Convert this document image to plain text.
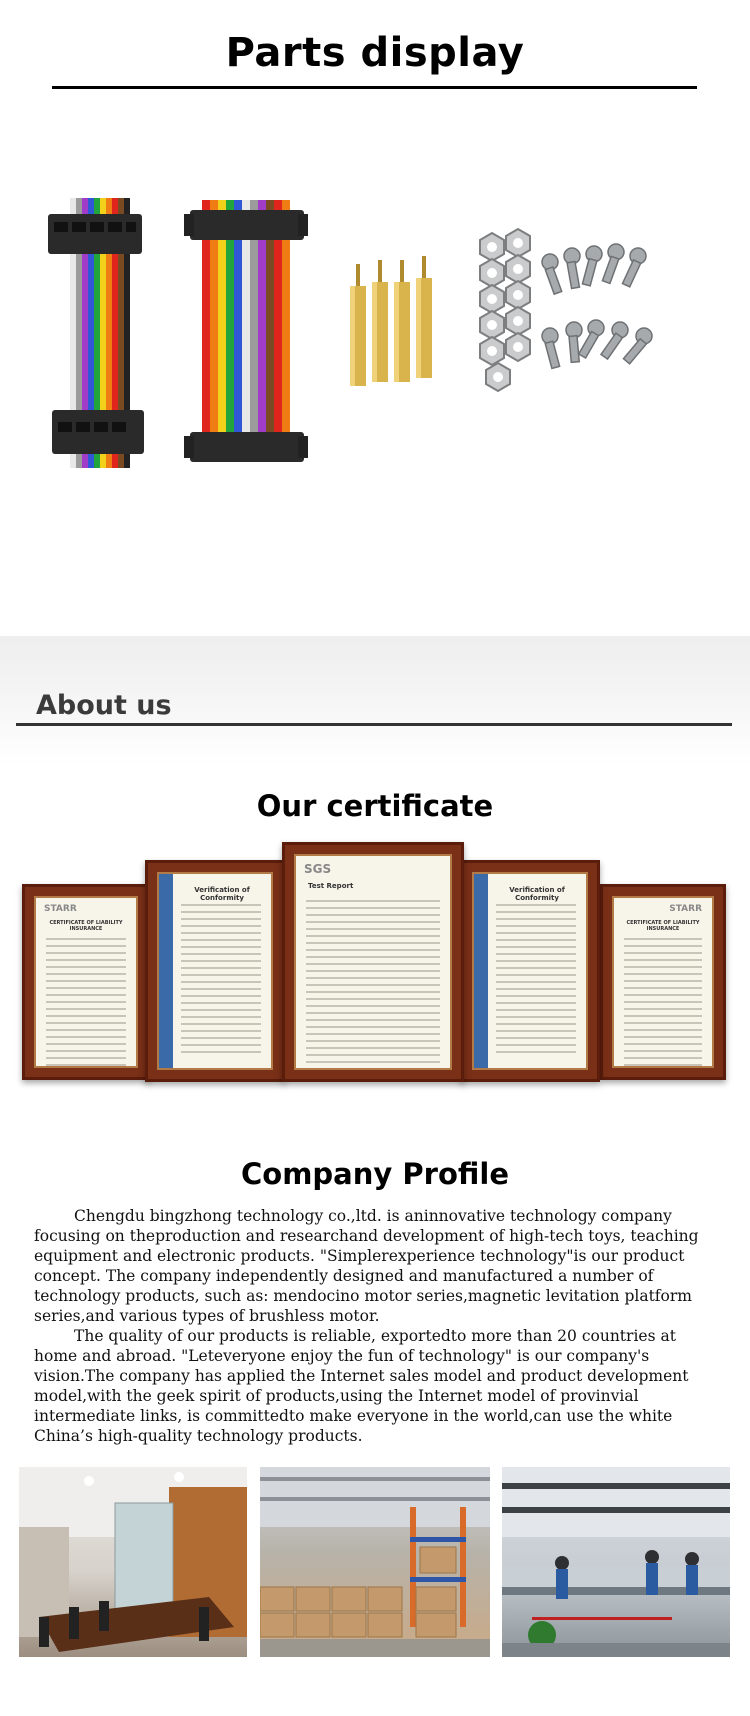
Parts display
About us
Our certificate
STARR
CERTIFICATE OF LIABILITY INSURANCE
STARR
CERTIFICATE OF LIABILITY INSURANCE
Verification of Conformity
Verification of Conformity
SGS
Test Report
Company Profile

Chengdu bingzhong technology co.,ltd. is aninnovative technology company focusing on theproduction and researchand development of high-tech toys, teaching equipment and electronic products. "Simplerexperience technology"is our product concept. The company independently designed and manufactured a number of technology products, such as: mendocino motor series,magnetic levitation platform series,and various types of brushless motor.

The quality of our products is reliable, exportedto more than 20 countries at home and abroad. "Leteveryone enjoy the fun of technology" is our company's vision.The company has applied the Internet sales model and product development model,with the geek spirit of products,using the Internet model of provinvial intermediate links, is committedto make everyone in the world,can use the white China’s high-quality technology products.
